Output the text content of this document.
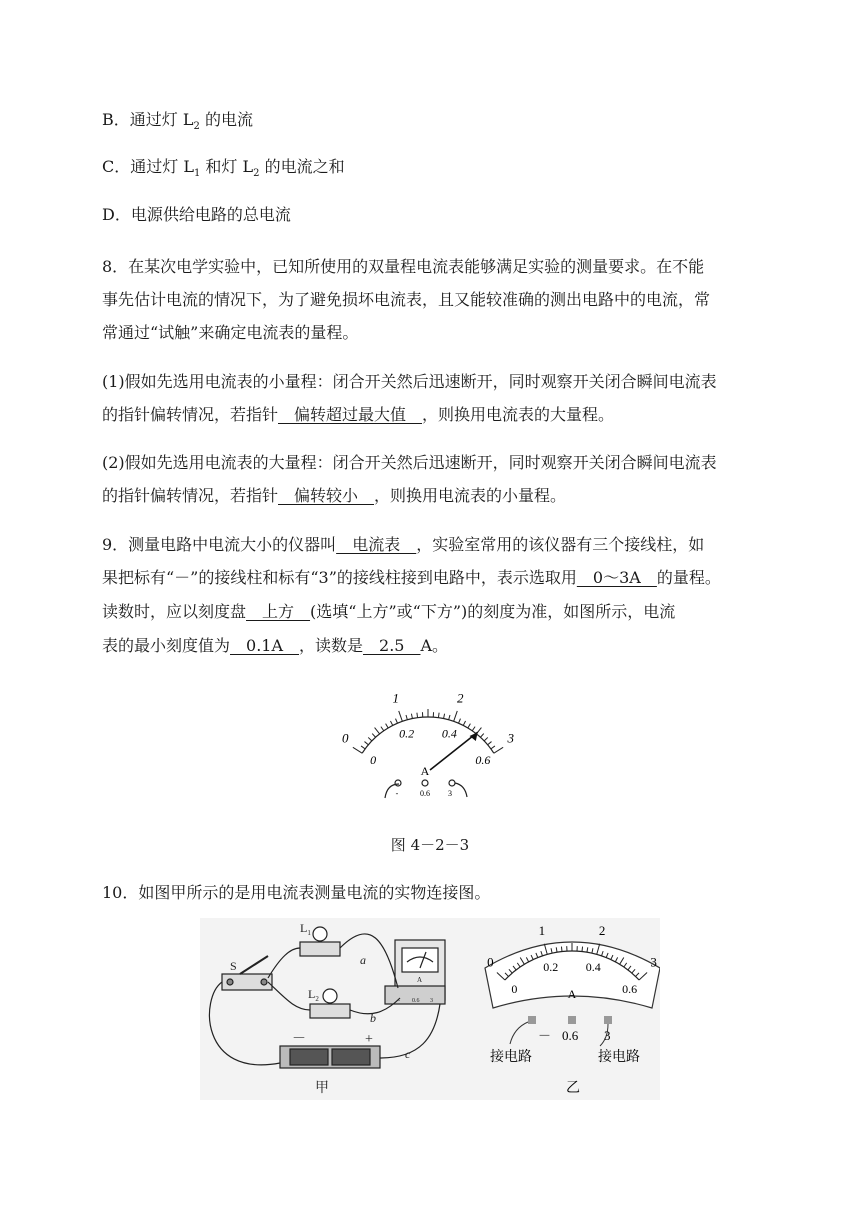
B．通过灯 $L_2$ 的电流
C．通过灯 $L_1$ 和灯 $L_2$ 的电流之和
D．电源供给电路的总电流
8．在某次电学实验中，已知所使用的双量程电流表能够满足实验的测量要求。在不能
事先估计电流的情况下，为了避免损坏电流表，且又能较准确的测出电路中的电流，常
常通过“试触”来确定电流表的量程。
(1)假如先选用电流表的小量程：闭合开关然后迅速断开，同时观察开关闭合瞬间电流表
的指针偏转情况，若指针__偏转超过最大值__，则换用电流表的大量程。
(2)假如先选用电流表的大量程：闭合开关然后迅速断开，同时观察开关闭合瞬间电流表
的指针偏转情况，若指针__偏转较小__，则换用电流表的小量程。
9．测量电路中电流大小的仪器叫__电流表__，实验室常用的该仪器有三个接线柱，如
果把标有“－”的接线柱和标有“3”的接线柱接到电路中，表示选取用__0～3A__的量程。
读数时，应以刻度盘__上方__(选填“上方”或“下方”)的刻度为准，如图所示，电流
表的最小刻度值为__0.1A__，读数是__2.5__A。
0
1	2
3
0
0.2 0.4
0.6
A
-	0.6 3
图 4－2－3
10．如图甲所示的是用电流表测量电流的实物连接图。
S
$L_1$
$L_2$
a
b
c
－	+
A
- 0.6 3
甲
0
1	2
3
0
0.2 0.4
0.6
A
－ 0.6 3
接电路	接电路
乙
